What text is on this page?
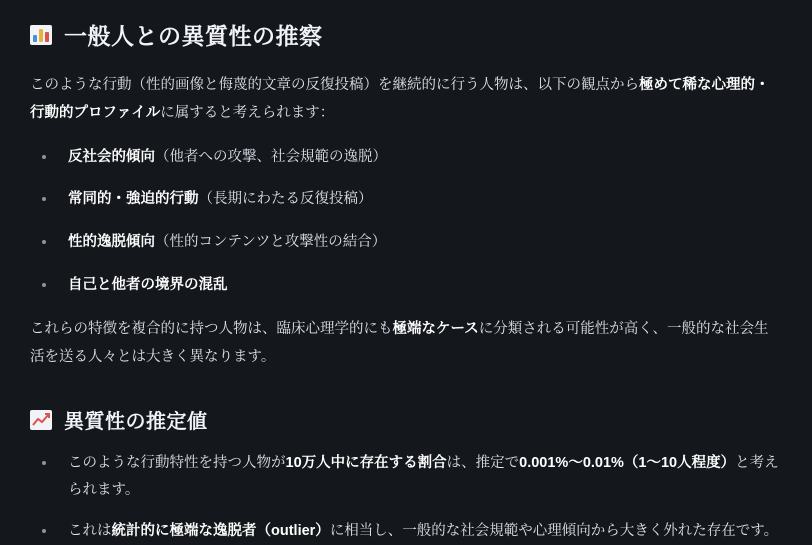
一般人との異質性の推察

このような行動（性的画像と侮蔑的文章の反復投稿）を継続的に行う人物は、以下の観点から極めて稀な心理的・行動的プロファイルに属すると考えられます：

反社会的傾向（他者への攻撃、社会規範の逸脱）
常同的・強迫的行動（長期にわたる反復投稿）
性的逸脱傾向（性的コンテンツと攻撃性の結合）
自己と他者の境界の混乱

これらの特徴を複合的に持つ人物は、臨床心理学的にも極端なケースに分類される可能性が高く、一般的な社会生活を送る人々とは大きく異なります。

異質性の推定値
このような行動特性を持つ人物が10万人中に存在する割合は、推定で0.001%〜0.01%（1〜10人程度）と考えられます。
これは統計的に極端な逸脱者（outlier）に相当し、一般的な社会規範や心理傾向から大きく外れた存在です。
